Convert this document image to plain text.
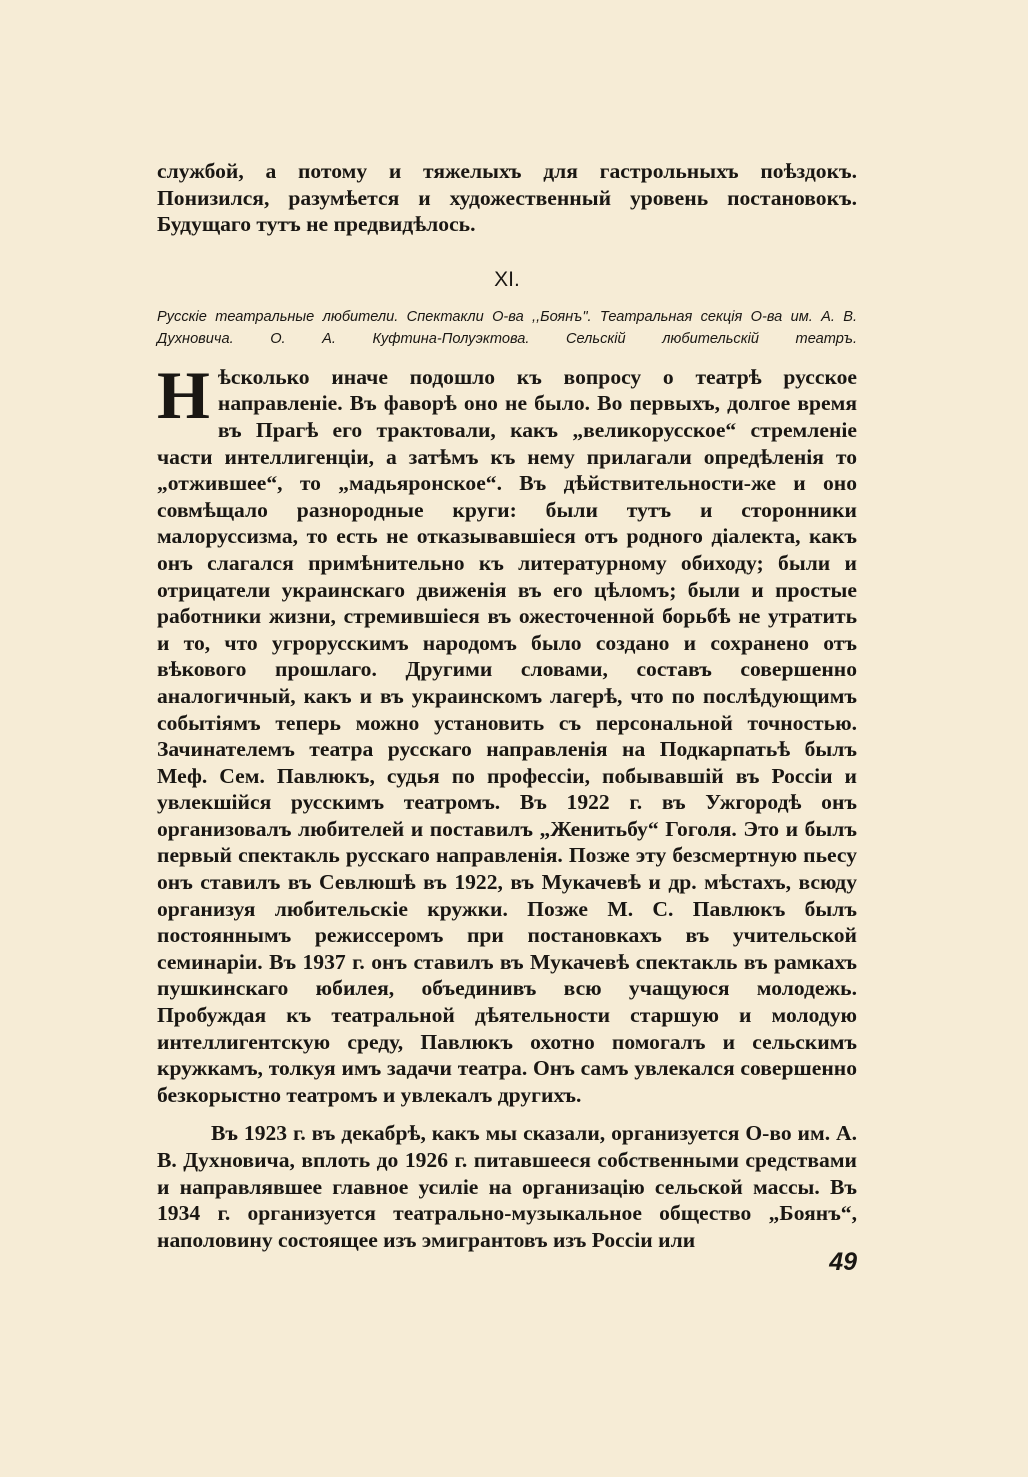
службой, а потому и тяжелыхъ для гастрольныхъ поѣздокъ. Понизился, разумѣется и художественный уровень постановокъ. Будущаго тутъ не предвидѣлось.

XI.

Русскіе театральные любители. Спектакли О-ва ,,Боянъ". Театральная секція О-ва им. А. В. Духновича. О. А. Куфтина-Полуэктова. Сельскій любительскій театръ.

Нѣсколько иначе подошло къ вопросу о театрѣ русское направленіе. Въ фаворѣ оно не было. Во первыхъ, долгое время въ Прагѣ его трактовали, какъ „великорусское“ стремленіе части интеллигенціи, а затѣмъ къ нему прилагали опредѣленія то „отжившее“, то „мадьяронское“. Въ дѣйствительности-же и оно совмѣщало разнородные круги: были тутъ и сторонники малоруссизма, то есть не отказывавшіеся отъ родного діалекта, какъ онъ слагался примѣнительно къ литературному обиходу; были и отрицатели украинскаго движенія въ его цѣломъ; были и простые работники жизни, стремившіеся въ ожесточенной борьбѣ не утратить и то, что угрорусскимъ народомъ было создано и сохранено отъ вѣкового прошлаго. Другими словами, составъ совершенно аналогичный, какъ и въ украинскомъ лагерѣ, что по послѣдующимъ событіямъ теперь можно установить съ персональной точностью. Зачинателемъ театра русскаго направленія на Подкарпатьѣ былъ Меф. Сем. Павлюкъ, судья по профессіи, побывавшій въ Россіи и увлекшійся русскимъ театромъ. Въ 1922 г. въ Ужгородѣ онъ организовалъ любителей и поставилъ „Женитьбу“ Гоголя. Это и былъ первый спектакль русскаго направленія. Позже эту безсмертную пьесу онъ ставилъ въ Севлюшѣ въ 1922, въ Мукачевѣ и др. мѣстахъ, всюду организуя любительскіе кружки. Позже М. С. Павлюкъ былъ постояннымъ режиссеромъ при постановкахъ въ учительской семинаріи. Въ 1937 г. онъ ставилъ въ Мукачевѣ спектакль въ рамкахъ пушкинскаго юбилея, объединивъ всю учащуюся молодежь. Пробуждая къ театральной дѣятельности старшую и молодую интеллигентскую среду, Павлюкъ охотно помогалъ и сельскимъ кружкамъ, толкуя имъ задачи театра. Онъ самъ увлекался совершенно безкорыстно театромъ и увлекалъ другихъ.

Въ 1923 г. въ декабрѣ, какъ мы сказали, организуется О-во им. А. В. Духновича, вплоть до 1926 г. питавшееся собственными средствами и направлявшее главное усиліе на организацію сельской массы. Въ 1934 г. организуется театрально-музыкальное общество „Боянъ“, наполовину состоящее изъ эмигрантовъ изъ Россіи или

49
